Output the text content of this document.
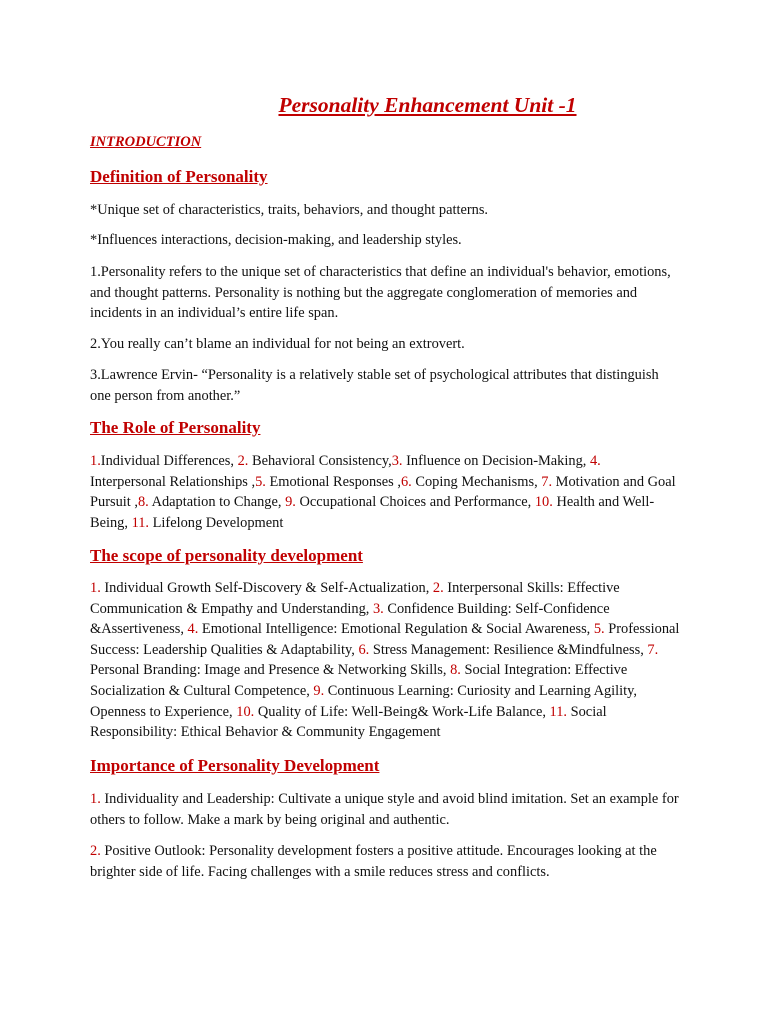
Personality Enhancement Unit -1
INTRODUCTION
Definition of Personality

*Unique set of characteristics, traits, behaviors, and thought patterns.

*Influences interactions, decision-making, and leadership styles.

1.Personality refers to the unique set of characteristics that define an individual's behavior, emotions, and thought patterns. Personality is nothing but the aggregate conglomeration of memories and incidents in an individual’s entire life span.

2.You really can’t blame an individual for not being an extrovert.

3.Lawrence Ervin- “Personality is a relatively stable set of psychological attributes that distinguish one person from another.”

The Role of Personality

1.Individual Differences, 2. Behavioral Consistency,3. Influence on Decision-Making, 4. Interpersonal Relationships ,5. Emotional Responses ,6. Coping Mechanisms, 7. Motivation and Goal Pursuit ,8. Adaptation to Change, 9. Occupational Choices and Performance, 10. Health and Well-Being, 11. Lifelong Development

The scope of personality development

1. Individual Growth Self-Discovery & Self-Actualization, 2. Interpersonal Skills: Effective Communication & Empathy and Understanding, 3. Confidence Building: Self-Confidence &Assertiveness, 4. Emotional Intelligence: Emotional Regulation & Social Awareness, 5. Professional Success: Leadership Qualities & Adaptability, 6. Stress Management: Resilience &Mindfulness, 7. Personal Branding: Image and Presence & Networking Skills, 8. Social Integration: Effective Socialization & Cultural Competence, 9. Continuous Learning: Curiosity and Learning Agility, Openness to Experience, 10. Quality of Life: Well-Being& Work-Life Balance, 11. Social Responsibility: Ethical Behavior & Community Engagement

Importance of Personality Development

1. Individuality and Leadership: Cultivate a unique style and avoid blind imitation. Set an example for others to follow. Make a mark by being original and authentic.

2. Positive Outlook: Personality development fosters a positive attitude. Encourages looking at the brighter side of life. Facing challenges with a smile reduces stress and conflicts.
